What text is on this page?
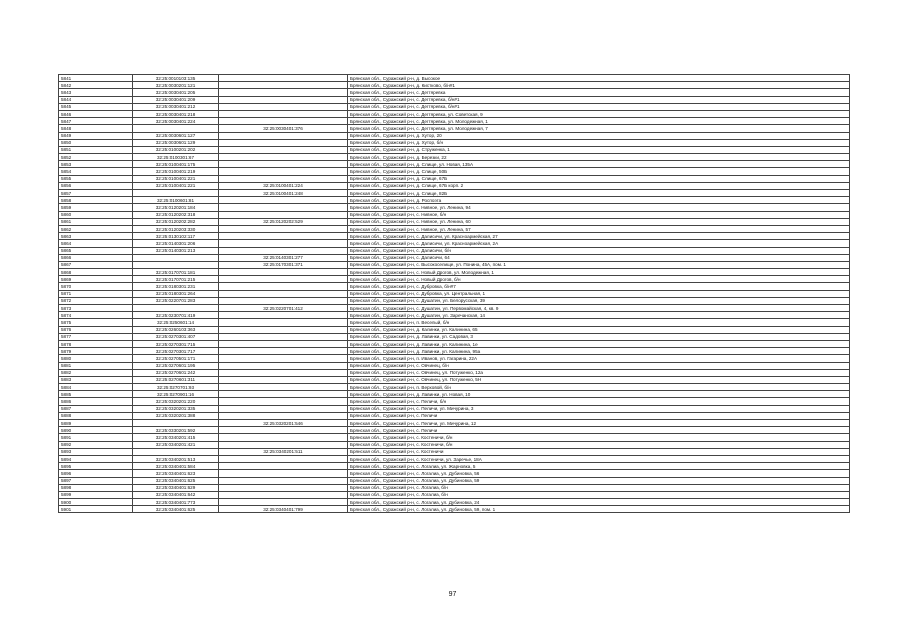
5841	32:25:0010103:135		Брянская обл., Суражский р-н, д. Высокое
5842	32:25:0030201:121		Брянская обл., Суражский р-н, д. Кистково, б/н#1
5843	32:25:0030401:205		Брянская обл., Суражский р-н, с. Дегтяревка
5844	32:25:0030401:209		Брянская обл., Суражский р-н, с. Дегтяревка, б/н#1
5845	32:25:0030401:212		Брянская обл., Суражский р-н, с. Дегтяревка, б/н#1
5846	32:25:0030401:218		Брянская обл., Суражский р-н, с. Дегтяревка, ул. Советская, 9
5847	32:25:0030401:224		Брянская обл., Суражский р-н, с. Дегтяревка, ул. Молодежная, 1
5848		32:25:0030401:376	Брянская обл., Суражский р-н, с. Дегтяревка, ул. Молодежная, 7
5849	32:25:0030601:127		Брянская обл., Суражский р-н, д. Хутор, 20
5850	32:25:0030601:129		Брянская обл., Суражский р-н, д. Хутор, б/н
5851	32:25:0100201:202		Брянская обл., Суражский р-н, д. Струженка, 1
5852	32:25:0100301:67		Брянская обл., Суражский р-н, д. Березки, 22
5853	32:25:0100401:175		Брянская обл., Суражский р-н, д. Слище, ул. Новая, 135А
5854	32:25:0100401:219		Брянская обл., Суражский р-н, д. Слище, 50Б
5855	32:25:0100401:221		Брянская обл., Суражский р-н, д. Слище, 67Б
5856	32:25:0100401:221	32:25:0100401:224	Брянская обл., Суражский р-н, д. Слище, 67Б корп. 2
5857		32:25:0100401:248	Брянская обл., Суражский р-н, д. Слище, 82Б
5858	32:25:0100601:81		Брянская обл., Суражский р-н, д. Роспоэта
5859	32:25:0120201:184		Брянская обл., Суражский р-н, с. Нивное, ул. Ленина, 94
5860	32:25:0120202:318		Брянская обл., Суражский р-н, с. Нивное, б/н
5861	32:25:0120202:282	32:25:0120202:529	Брянская обл., Суражский р-н, с. Нивное, ул. Ленина, 60
5862	32:25:0120203:330		Брянская обл., Суражский р-н, с. Нивное, ул. Ленина, 57
5863	32:25:0130102:117		Брянская обл., Суражский р-н, с. Далисичи, ул. Красноармейская, 27
5864	32:25:0140301:206		Брянская обл., Суражский р-н, с. Далисичи, ул. Красноармейская, 2А
5865	32:25:0140301:213		Брянская обл., Суражский р-н, с. Далисичи, б/н
5866		32:25:0140301:277	Брянская обл., Суражский р-н, с. Далисичи, 64
5867		32:25:0170301:371	Брянская обл., Суражский р-н, с. Высокоселище, ул. Понина, 45А, пом. 1
5868	32:25:0170701:181		Брянская обл., Суражский р-н, с. Новый Дрогов, ул. Молодежная, 1
5869	32:25:0170701:215		Брянская обл., Суражский р-н, с. Новый Дрогов, б/н
5870	32:25:0180301:231		Брянская обл., Суражский р-н, с. Дубровка, б/н#7
5871	32:25:0180301:264		Брянская обл., Суражский р-н, с. Дубровка, ул. Центральная, 1
5872	32:25:0220701:283		Брянская обл., Суражский р-н, с. Душатин, ул. Белорусская, 39
5873		32:25:0220701:412	Брянская обл., Суражский р-н, с. Душатин, ул. Первомайская, 4, кв. 9
5874	32:25:0230701:419		Брянская обл., Суражский р-н, с. Душатин, ул. Заречанская, 14
5875	32:25:0250601:14		Брянская обл., Суражский р-н, п. Веселый, б/н
5876	32:25:0260103:363		Брянская обл., Суражский р-н, д. Калинки, ул. Калинина, 65
5877	32:25:0270301:407		Брянская обл., Суражский р-н, д. Лавинки, ул. Садовая, 3
5878	32:25:0270301:715		Брянская обл., Суражский р-н, д. Лавинки, ул. Калинина, 1е
5879	32:25:0270301:717		Брянская обл., Суражский р-н, д. Лавинки, ул. Калинина, 95а
5880	32:25:0270501:171		Брянская обл., Суражский р-н, п. Иванов, ул. Гагарина, 22А
5881	32:25:0270601:195		Брянская обл., Суражский р-н, с. Овчинец, б/н
5882	32:25:0270601:242		Брянская обл., Суражский р-н, с. Овчинец, ул. Потуженко, 12а
5883	32:25:0270601:311		Брянская обл., Суражский р-н, с. Овчинец, ул. Потуженко, 5Н
5884	32:25:0270701:93		Брянская обл., Суражский р-н, п. Верховой, б/н
5885	32:25:0270901:16		Брянская обл., Суражский р-н, д. Лавинки, ул. Новая, 10
5886	32:25:0320201:220		Брянская обл., Суражский р-н, с. Пеличи, б/н
5887	32:25:0320201:335		Брянская обл., Суражский р-н, с. Пеличи, ул. Мичурина, 3
5888	32:25:0320201:388		Брянская обл., Суражский р-н, с. Пеличи
5889		32:25:0320201:546	Брянская обл., Суражский р-н, с. Пеличи, ул. Мичурина, 12
5890	32:25:0330201:592		Брянская обл., Суражский р-н, с. Пеличи
5891	32:25:0340201:415		Брянская обл., Суражский р-н, с. Костеничи, б/н
5892	32:25:0340201:421		Брянская обл., Суражский р-н, с. Костеничи, б/н
5893		32:25:0340201:511	Брянская обл., Суражский р-н, с. Костеничи
5894	32:25:0340201:513		Брянская обл., Суражский р-н, с. Костеничи, ул. Заречье, 18А
5895	32:25:0340401:584		Брянская обл., Суражский р-н, с. Логалиа, ул. Жарновка, 5
5896	32:25:0340401:623		Брянская обл., Суражский р-н, с. Логалиа, ул. Дубиновка, 56
5897	32:25:0340401:625		Брянская обл., Суражский р-н, с. Логалиа, ул. Дубиновка, 59
5898	32:25:0340401:629		Брянская обл., Суражский р-н, с. Логалиа, б/н
5899	32:25:0340401:642		Брянская обл., Суражский р-н, с. Логалиа, б/н
5900	32:25:0340401:773		Брянская обл., Суражский р-н, с. Логалиа, ул. Дубиновка, 24
5901	32:25:0340401:625	32:25:0340401:799	Брянская обл., Суражский р-н, с. Логалиа, ул. Дубиновка, 59, пом. 1
97
